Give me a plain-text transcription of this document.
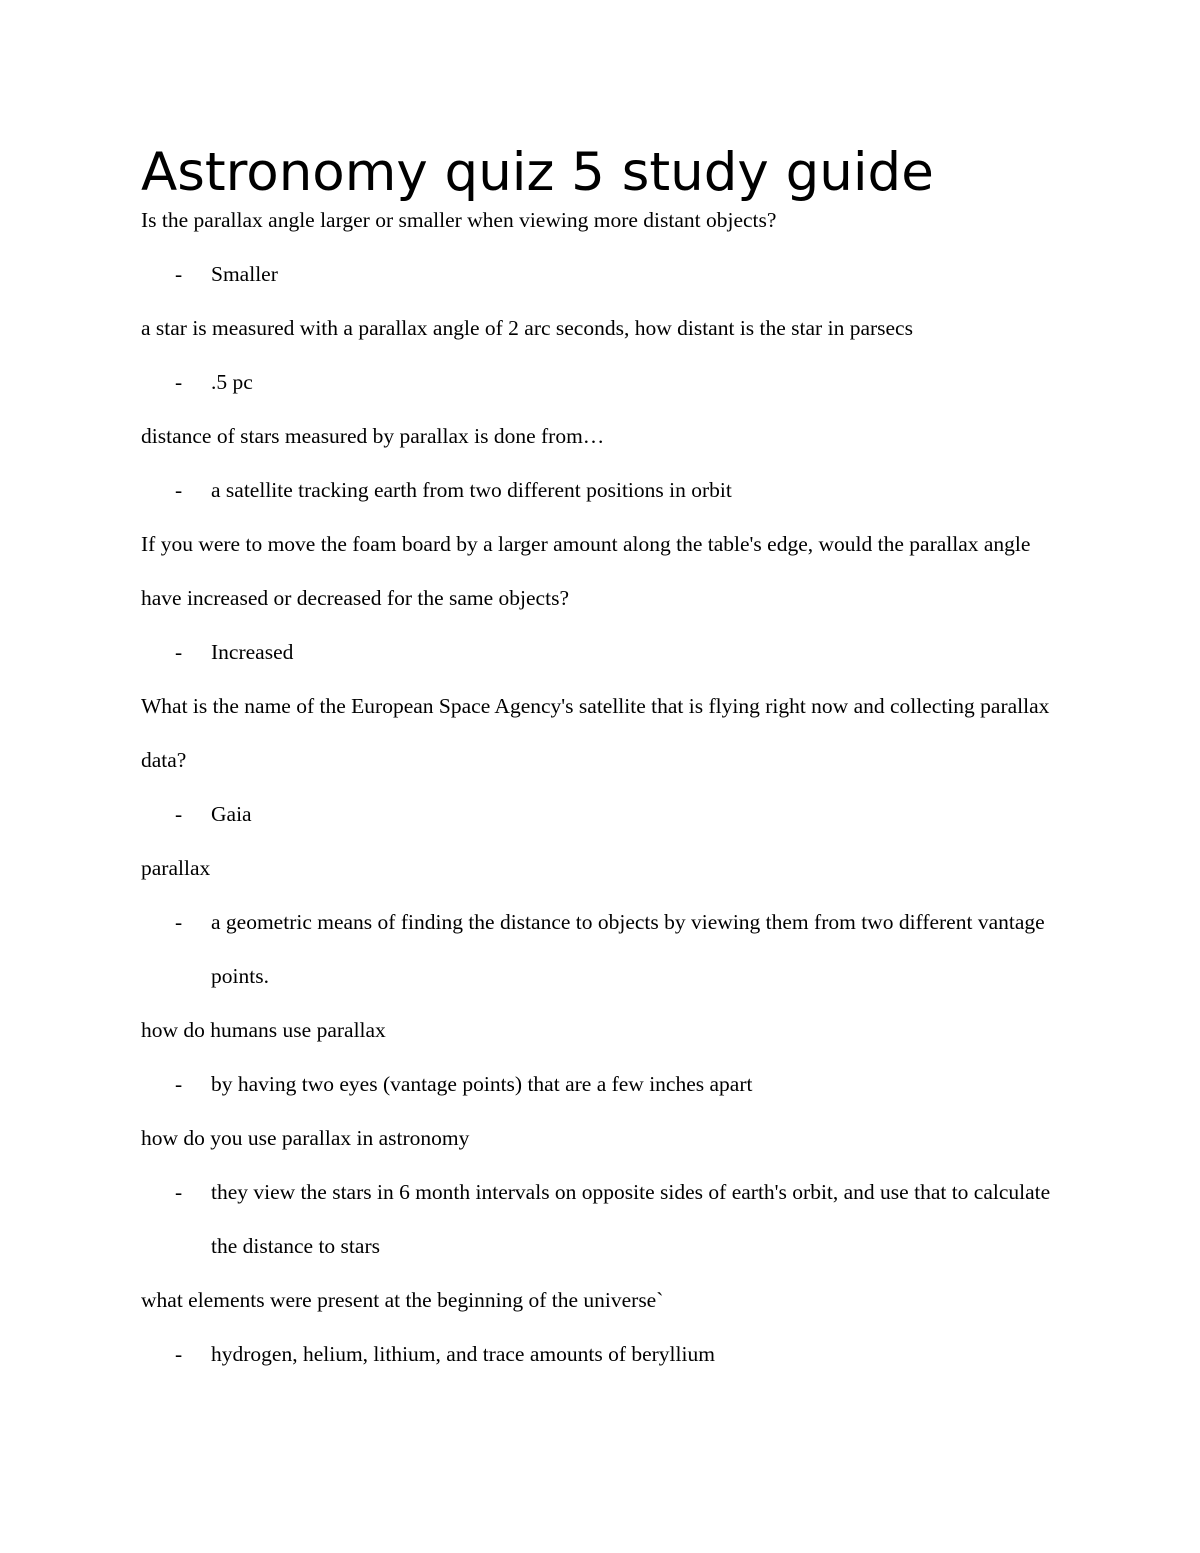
Astronomy quiz 5 study guide

Is the parallax angle larger or smaller when viewing more distant objects?

- Smaller

a star is measured with a parallax angle of 2 arc seconds, how distant is the star in parsecs

- .5 pc

distance of stars measured by parallax is done from…

- a satellite tracking earth from two different positions in orbit

If you were to move the foam board by a larger amount along the table's edge, would the parallax angle have increased or decreased for the same objects?

- Increased

What is the name of the European Space Agency's satellite that is flying right now and collecting parallax data?

- Gaia

parallax

- a geometric means of finding the distance to objects by viewing them from two different vantage points.

how do humans use parallax

- by having two eyes (vantage points) that are a few inches apart

how do you use parallax in astronomy

- they view the stars in 6 month intervals on opposite sides of earth's orbit, and use that to calculate the distance to stars

what elements were present at the beginning of the universe`

- hydrogen, helium, lithium, and trace amounts of beryllium
